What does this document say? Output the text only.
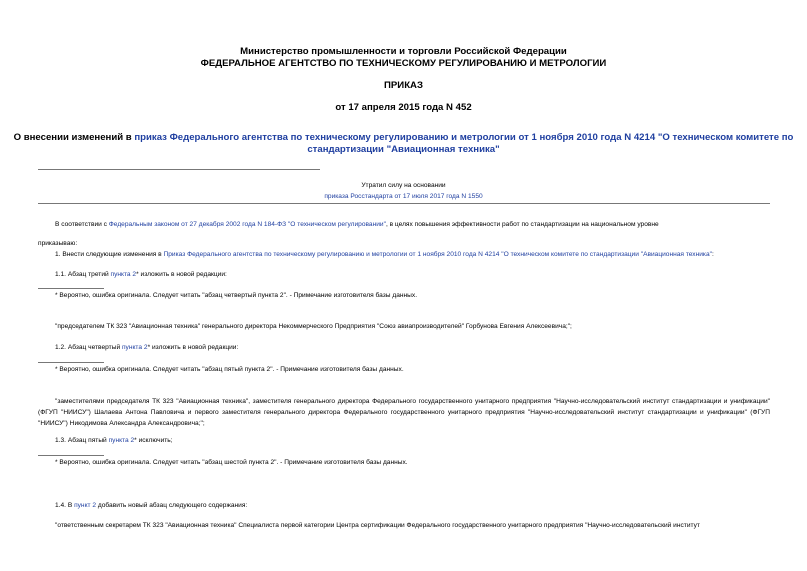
Министерство промышленности и торговли Российской Федерации
ФЕДЕРАЛЬНОЕ АГЕНТСТВО ПО ТЕХНИЧЕСКОМУ РЕГУЛИРОВАНИЮ И МЕТРОЛОГИИ
ПРИКАЗ
от 17 апреля 2015 года N 452
О внесении изменений в приказ Федерального агентства по техническому регулированию и метрологии от 1 ноября 2010 года N 4214 "О техническом комитете по
стандартизации "Авиационная техника"
Утратил силу на основании
приказа Росстандарта от 17 июля 2017 года N 1550
В соответствии с Федеральным законом от 27 декабря 2002 года N 184-ФЗ "О техническом регулировании", в целях повышения эффективности работ по стандартизации на национальном уровне
приказываю:
1. Внести следующие изменения в Приказ Федерального агентства по техническому регулированию и метрологии от 1 ноября 2010 года N 4214 "О техническом комитете по стандартизации "Авиационная техника":
1.1. Абзац третий пункта 2* изложить в новой редакции:
* Вероятно, ошибка оригинала. Следует читать "абзац четвертый пункта 2". - Примечание изготовителя базы данных.
"председателем ТК 323 "Авиационная техника" генерального директора Некоммерческого Предприятия "Союз авиапроизводителей" Горбунова Евгения Алексеевича;";
1.2. Абзац четвертый пункта 2* изложить в новой редакции:
* Вероятно, ошибка оригинала. Следует читать "абзац пятый пункта 2". - Примечание изготовителя базы данных.
"заместителями председателя ТК 323 "Авиационная техника", заместителя генерального директора Федерального государственного унитарного предприятия "Научно-исследовательский институт стандартизации и унификации" (ФГУП "НИИСУ") Шалаева Антона Павловича и первого заместителя генерального директора Федерального государственного унитарного предприятия "Научно-исследовательский институт стандартизации и унификации" (ФГУП "НИИСУ") Никодимова Александра Александровича;";
1.3. Абзац пятый пункта 2* исключить;
* Вероятно, ошибка оригинала. Следует читать "абзац шестой пункта 2". - Примечание изготовителя базы данных.
1.4. В пункт 2 добавить новый абзац следующего содержания:
"ответственным секретарем ТК 323 "Авиационная техника" Специалиста первой категории Центра сертификации Федерального государственного унитарного предприятия "Научно-исследовательский институт
